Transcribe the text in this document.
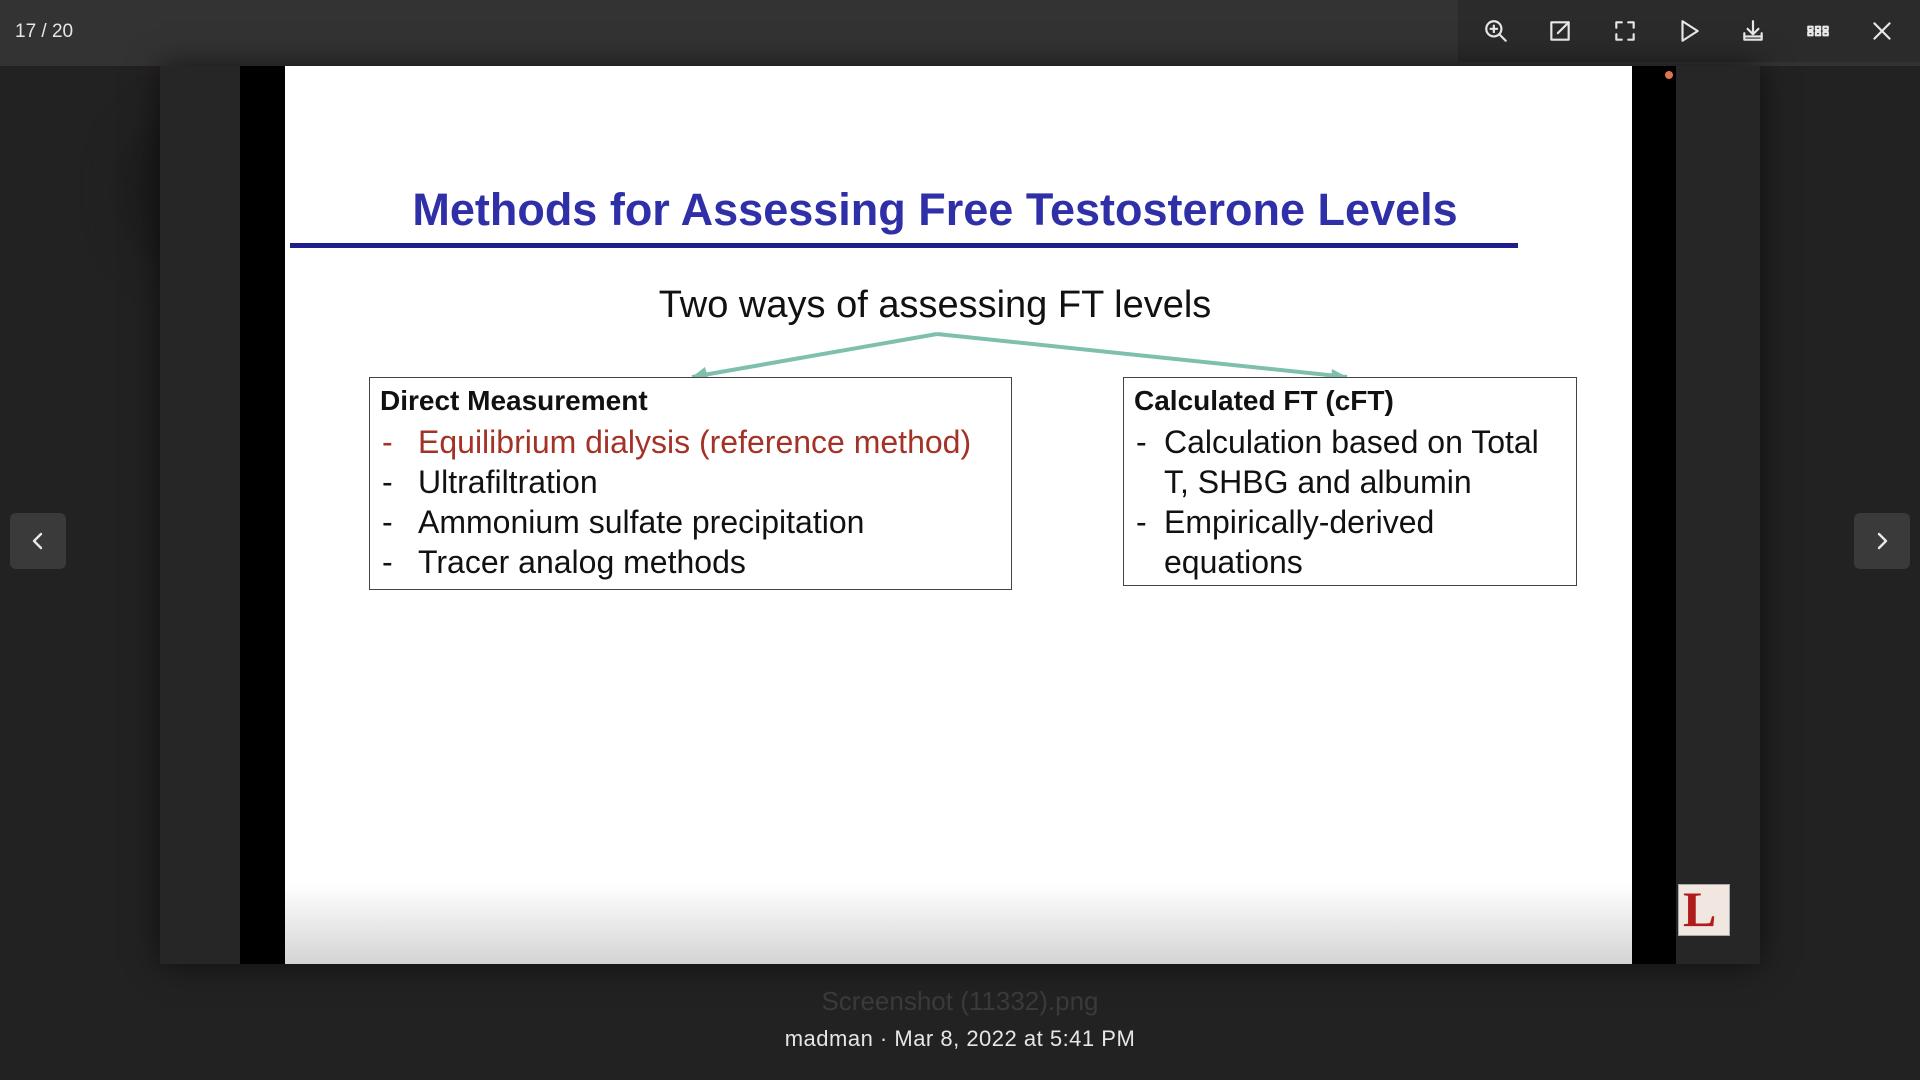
17 / 20
Methods for Assessing Free Testosterone Levels
Two ways of assessing FT levels
Direct Measurement
- Equilibrium dialysis (reference method)
- Ultrafiltration
- Ammonium sulfate precipitation
- Tracer analog methods
Calculated FT (cFT)
- Calculation based on Total T, SHBG and albumin
- Empirically-derived equations
L
Screenshot (11332).png
madman · Mar 8, 2022 at 5:41 PM
